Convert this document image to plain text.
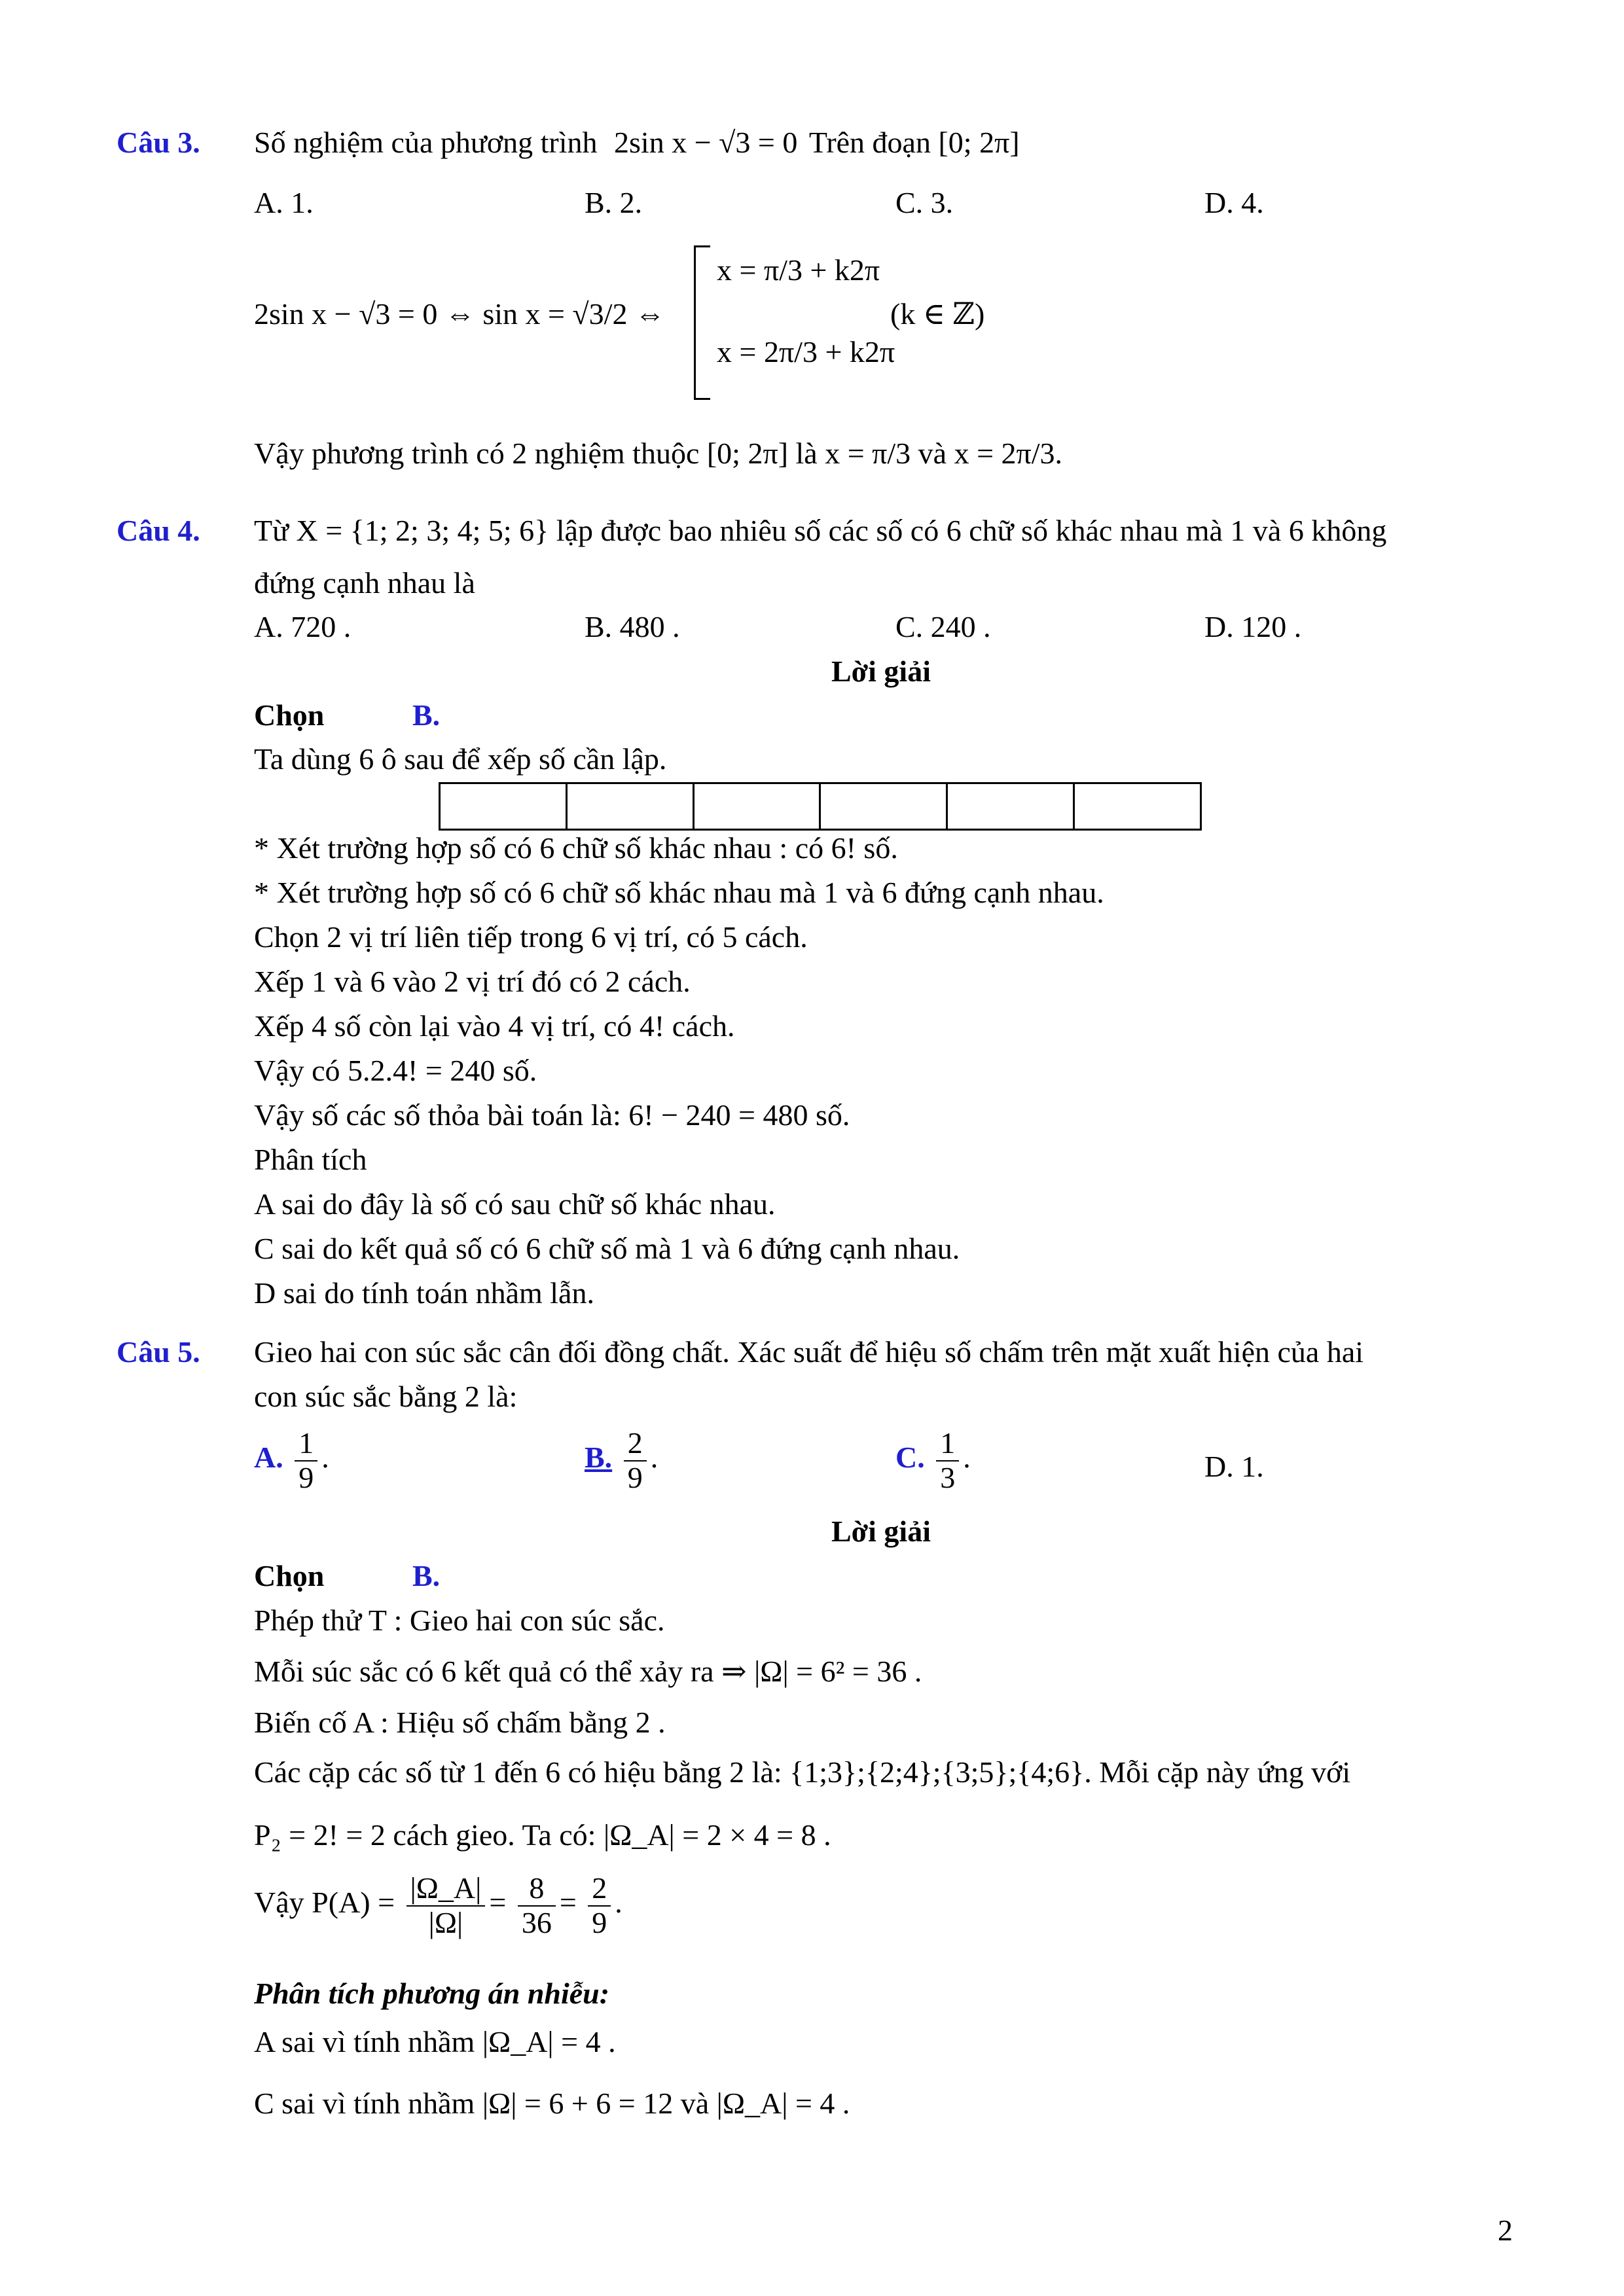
Câu 3. Số nghiệm của phương trình 2sin x − √3 = 0 Trên đoạn [0; 2π]
A. 1.	B. 2.	C. 3.	D. 4.
2sin x − √3 = 0 ⇔ sin x = √3/2 ⇔
x = π/3 + k2π
x = 2π/3 + k2π
(k ∈ ℤ)
Vậy phương trình có 2 nghiệm thuộc [0; 2π] là x = π/3 và x = 2π/3.
Câu 4. Từ X = {1; 2; 3; 4; 5; 6} lập được bao nhiêu số các số có 6 chữ số khác nhau mà 1 và 6 không
đứng cạnh nhau là
A. 720 .	B. 480 .	C. 240 .	D. 120 .
Lời giải
Chọn	B.
Ta dùng 6 ô sau để xếp số cần lập.
* Xét trường hợp số có 6 chữ số khác nhau : có 6! số.
* Xét trường hợp số có 6 chữ số khác nhau mà 1 và 6 đứng cạnh nhau.
Chọn 2 vị trí liên tiếp trong 6 vị trí, có 5 cách.
Xếp 1 và 6 vào 2 vị trí đó có 2 cách.
Xếp 4 số còn lại vào 4 vị trí, có 4! cách.
Vậy có 5.2.4! = 240 số.
Vậy số các số thỏa bài toán là: 6! − 240 = 480 số.
Phân tích
A sai do đây là số có sau chữ số khác nhau.
C sai do kết quả số có 6 chữ số mà 1 và 6 đứng cạnh nhau.
D sai do tính toán nhầm lẫn.
Câu 5. Gieo hai con súc sắc cân đối đồng chất. Xác suất để hiệu số chấm trên mặt xuất hiện của hai
con súc sắc bằng 2 là:
A. $\frac{1}{9}$ .	B. $\frac{2}{9}$ .	C. $\frac{1}{3}$ .	D. 1.
Lời giải
Chọn	B.
Phép thử T : Gieo hai con súc sắc.
Mỗi súc sắc có 6 kết quả có thể xảy ra ⇒ |Ω| = 6² = 36 .
Biến cố A : Hiệu số chấm bằng 2 .
Các cặp các số từ 1 đến 6 có hiệu bằng 2 là: {1;3};{2;4};{3;5};{4;6}. Mỗi cặp này ứng với
P₂ = 2! = 2 cách gieo. Ta có: |Ω_A| = 2 × 4 = 8 .
Vậy $P(A) = \frac{|\Omega\_A|}{|\Omega|} = \frac{8}{36} = \frac{2}{9}$ .
Phân tích phương án nhiễu:
A sai vì tính nhầm |Ω_A| = 4 .
C sai vì tính nhầm |Ω| = 6 + 6 = 12 và |Ω_A| = 4 .
2
